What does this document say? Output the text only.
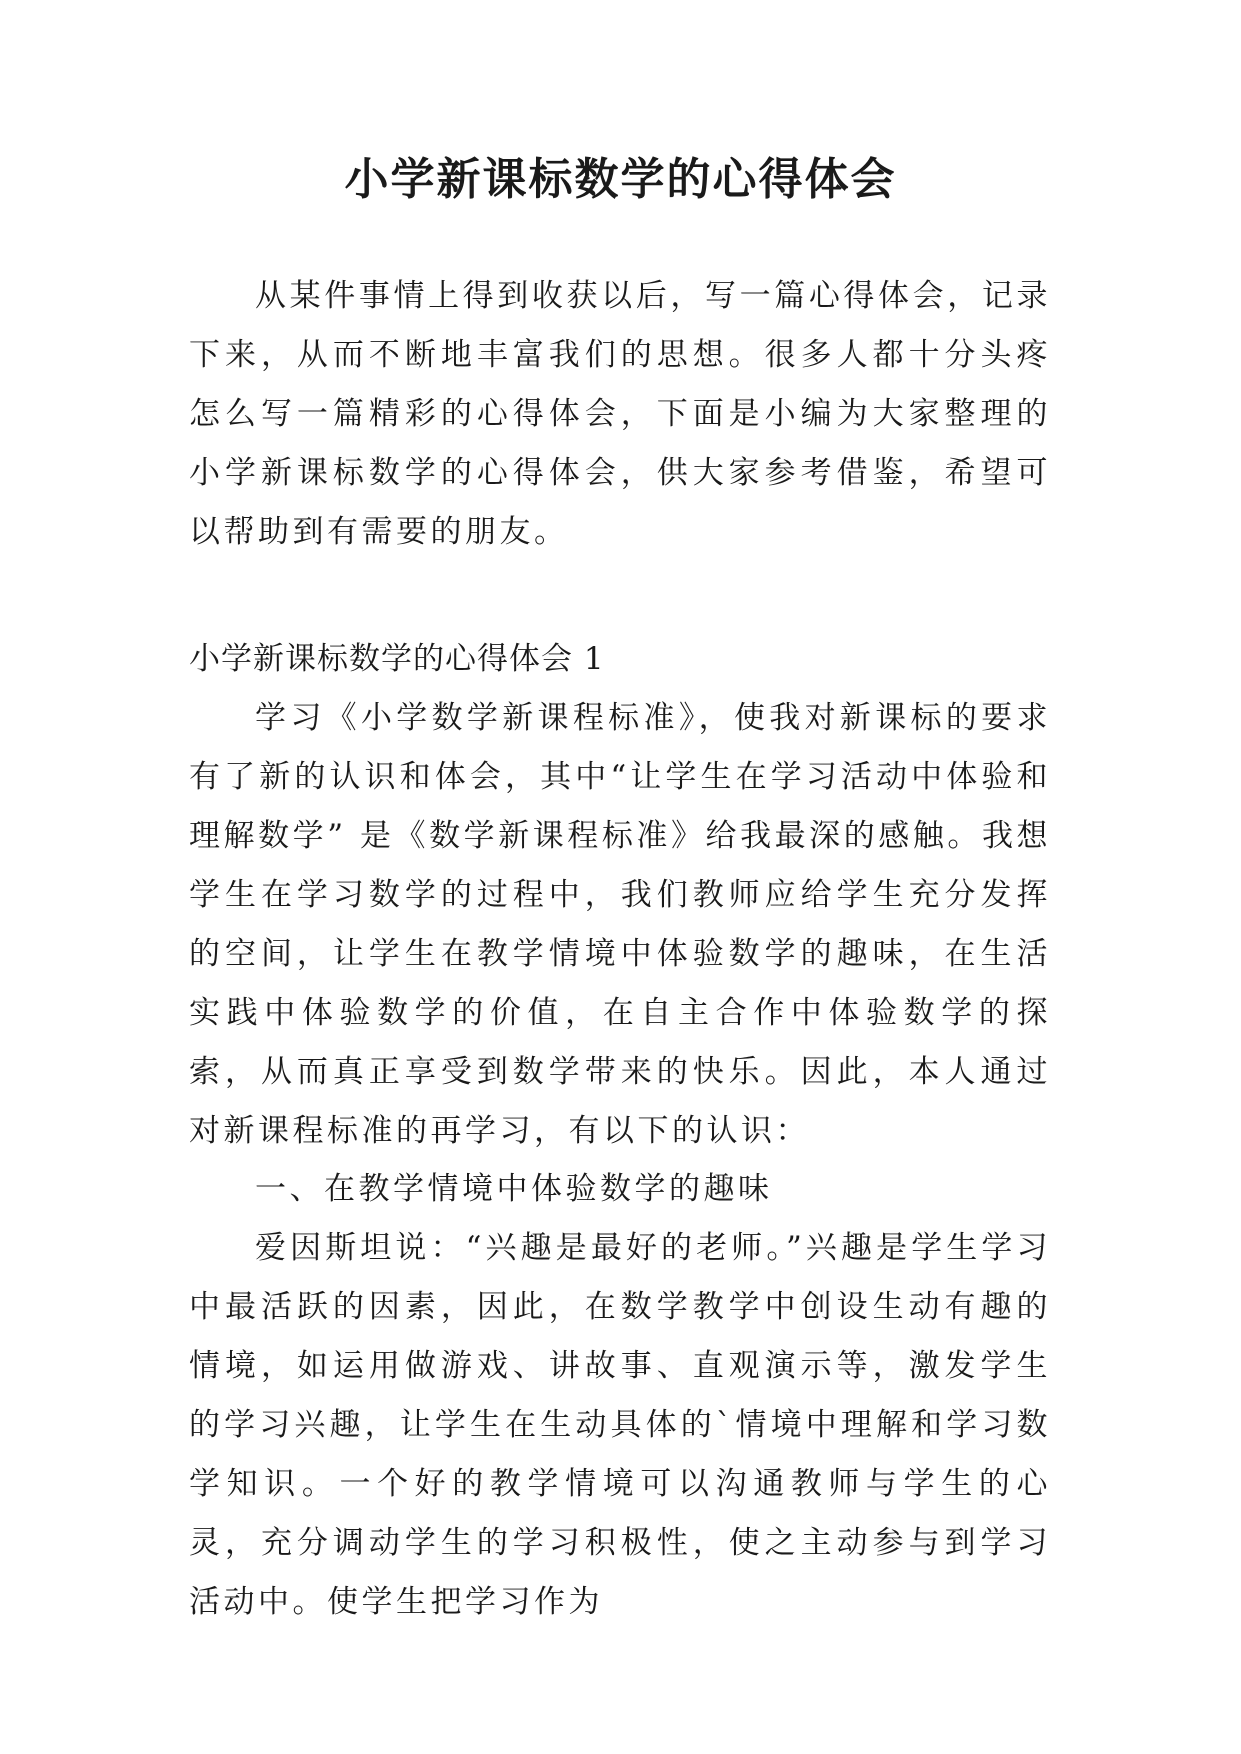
小学新课标数学的心得体会

从某件事情上得到收获以后，写一篇心得体会，记录下来，从而不断地丰富我们的思想。很多人都十分头疼怎么写一篇精彩的心得体会，下面是小编为大家整理的小学新课标数学的心得体会，供大家参考借鉴，希望可以帮助到有需要的朋友。

小学新课标数学的心得体会 1

学习《小学数学新课程标准》，使我对新课标的要求有了新的认识和体会，其中“让学生在学习活动中体验和理解数学” 是《数学新课程标准》给我最深的感触。我想学生在学习数学的过程中，我们教师应给学生充分发挥的空间，让学生在教学情境中体验数学的趣味，在生活实践中体验数学的价值，在自主合作中体验数学的探索，从而真正享受到数学带来的快乐。因此，本人通过对新课程标准的再学习，有以下的认识：

一、在教学情境中体验数学的趣味

爱因斯坦说：“兴趣是最好的老师。”兴趣是学生学习中最活跃的因素，因此，在数学教学中创设生动有趣的情境，如运用做游戏、讲故事、直观演示等，激发学生的学习兴趣，让学生在生动具体的`情境中理解和学习数学知识。一个好的教学情境可以沟通教师与学生的心灵，充分调动学生的学习积极性，使之主动参与到学习活动中。使学生把学习作为
